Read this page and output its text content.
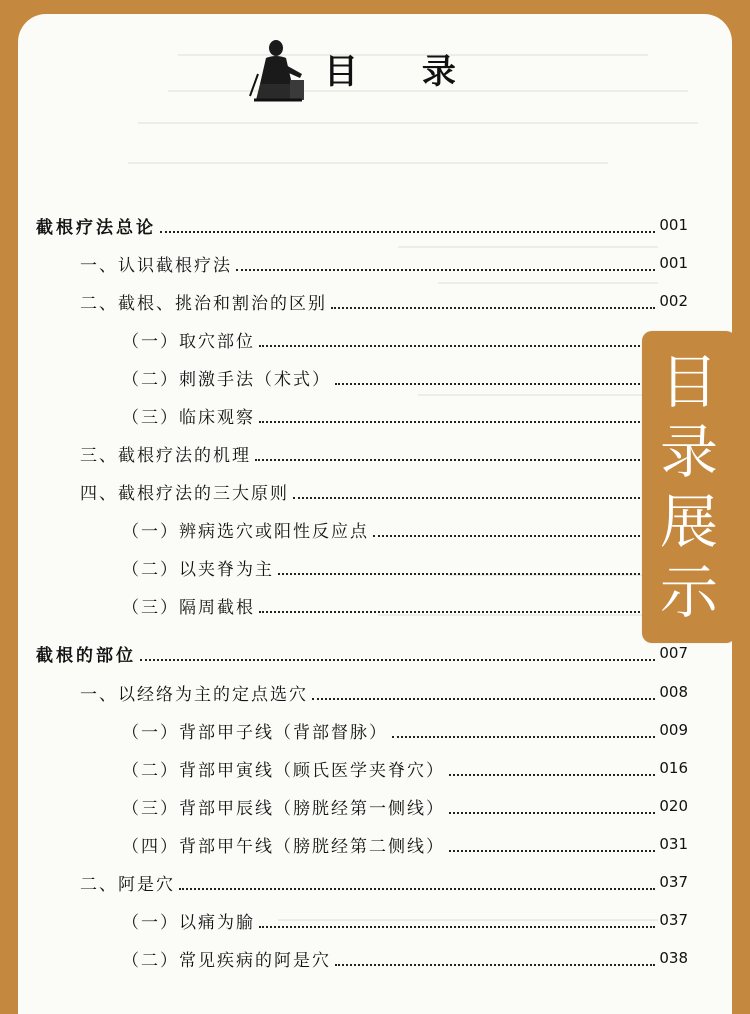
目 录
截根疗法总论	001
一、认识截根疗法	001
二、截根、挑治和割治的区别	002
（一）取穴部位
（二）刺激手法（术式）
（三）临床观察
三、截根疗法的机理
四、截根疗法的三大原则
（一）辨病选穴或阳性反应点
（二）以夹脊为主
（三）隔周截根
截根的部位	007
一、以经络为主的定点选穴	008
（一）背部甲子线（背部督脉）	009
（二）背部甲寅线（顾氏医学夹脊穴）	016
（三）背部甲辰线（膀胱经第一侧线）	020
（四）背部甲午线（膀胱经第二侧线）	031
二、阿是穴	037
（一）以痛为腧	037
（二）常见疾病的阿是穴	038
目
录
展
示
